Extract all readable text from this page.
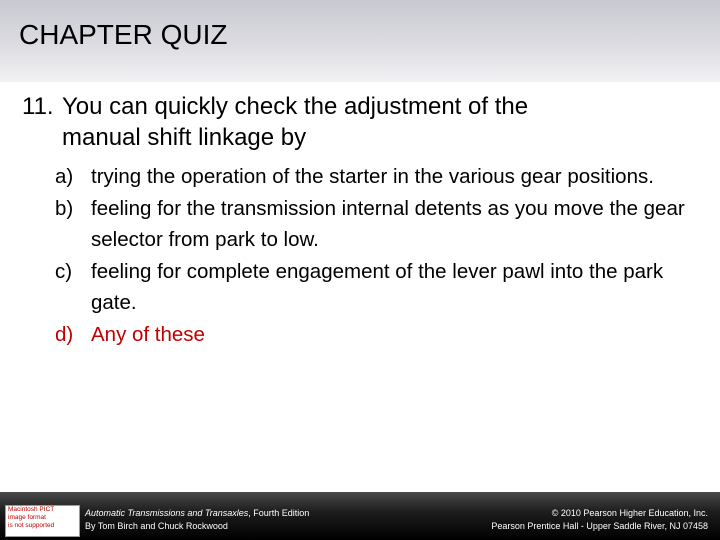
CHAPTER QUIZ
11. You can quickly check the adjustment of the
manual shift linkage by
a) trying the operation of the starter in the various gear positions.
b) feeling for the transmission internal detents as you move the gear selector from park to low.
c) feeling for complete engagement of the lever pawl into the park gate.
d) Any of these
Macintosh PICT
image format
is not supported
Automatic Transmissions and Transaxles, Fourth Edition
By Tom Birch and Chuck Rockwood
© 2010 Pearson Higher Education, Inc.
Pearson Prentice Hall - Upper Saddle River, NJ 07458
